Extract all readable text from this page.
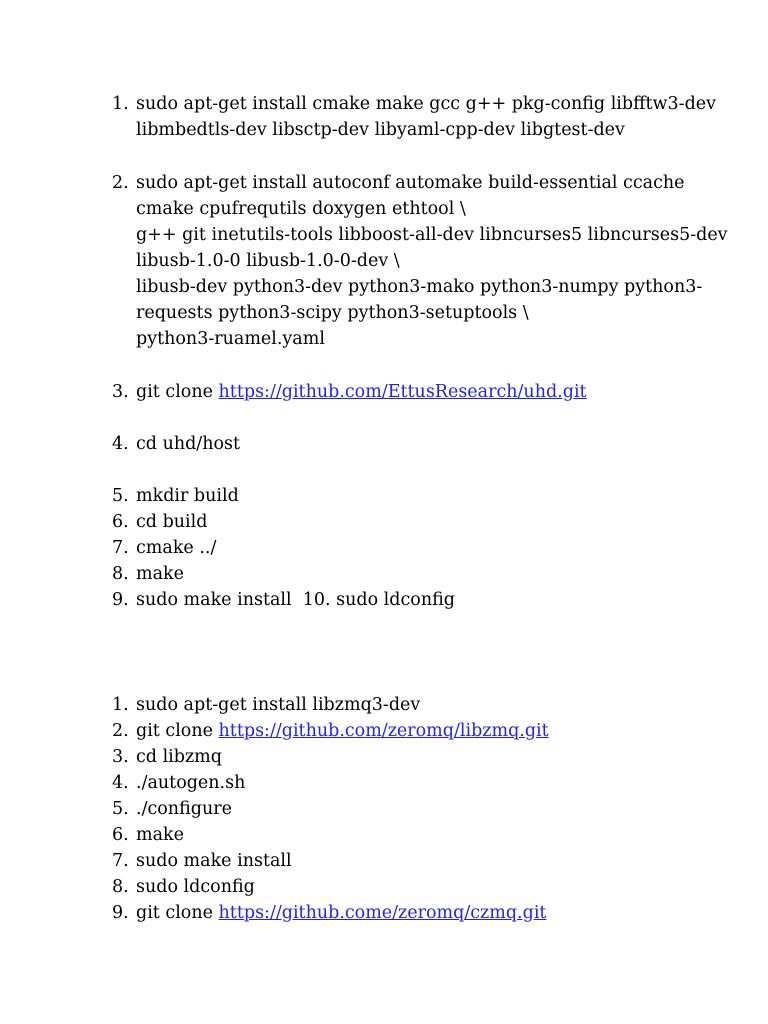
1. sudo apt-get install cmake make gcc g++ pkg-config libfftw3-dev
libmbedtls-dev libsctp-dev libyaml-cpp-dev libgtest-dev
2. sudo apt-get install autoconf automake build-essential ccache
cmake cpufrequtils doxygen ethtool \
g++ git inetutils-tools libboost-all-dev libncurses5 libncurses5-dev
libusb-1.0-0 libusb-1.0-0-dev \
libusb-dev python3-dev python3-mako python3-numpy python3-
requests python3-scipy python3-setuptools \
python3-ruamel.yaml
3. git clone https://github.com/EttusResearch/uhd.git
4. cd uhd/host
5. mkdir build
6. cd build
7. cmake ../
8. make
9. sudo make install  10. sudo ldconfig
1. sudo apt-get install libzmq3-dev
2. git clone https://github.com/zeromq/libzmq.git
3. cd libzmq
4. ./autogen.sh
5. ./configure
6. make
7. sudo make install
8. sudo ldconfig
9. git clone https://github.come/zeromq/czmq.git
